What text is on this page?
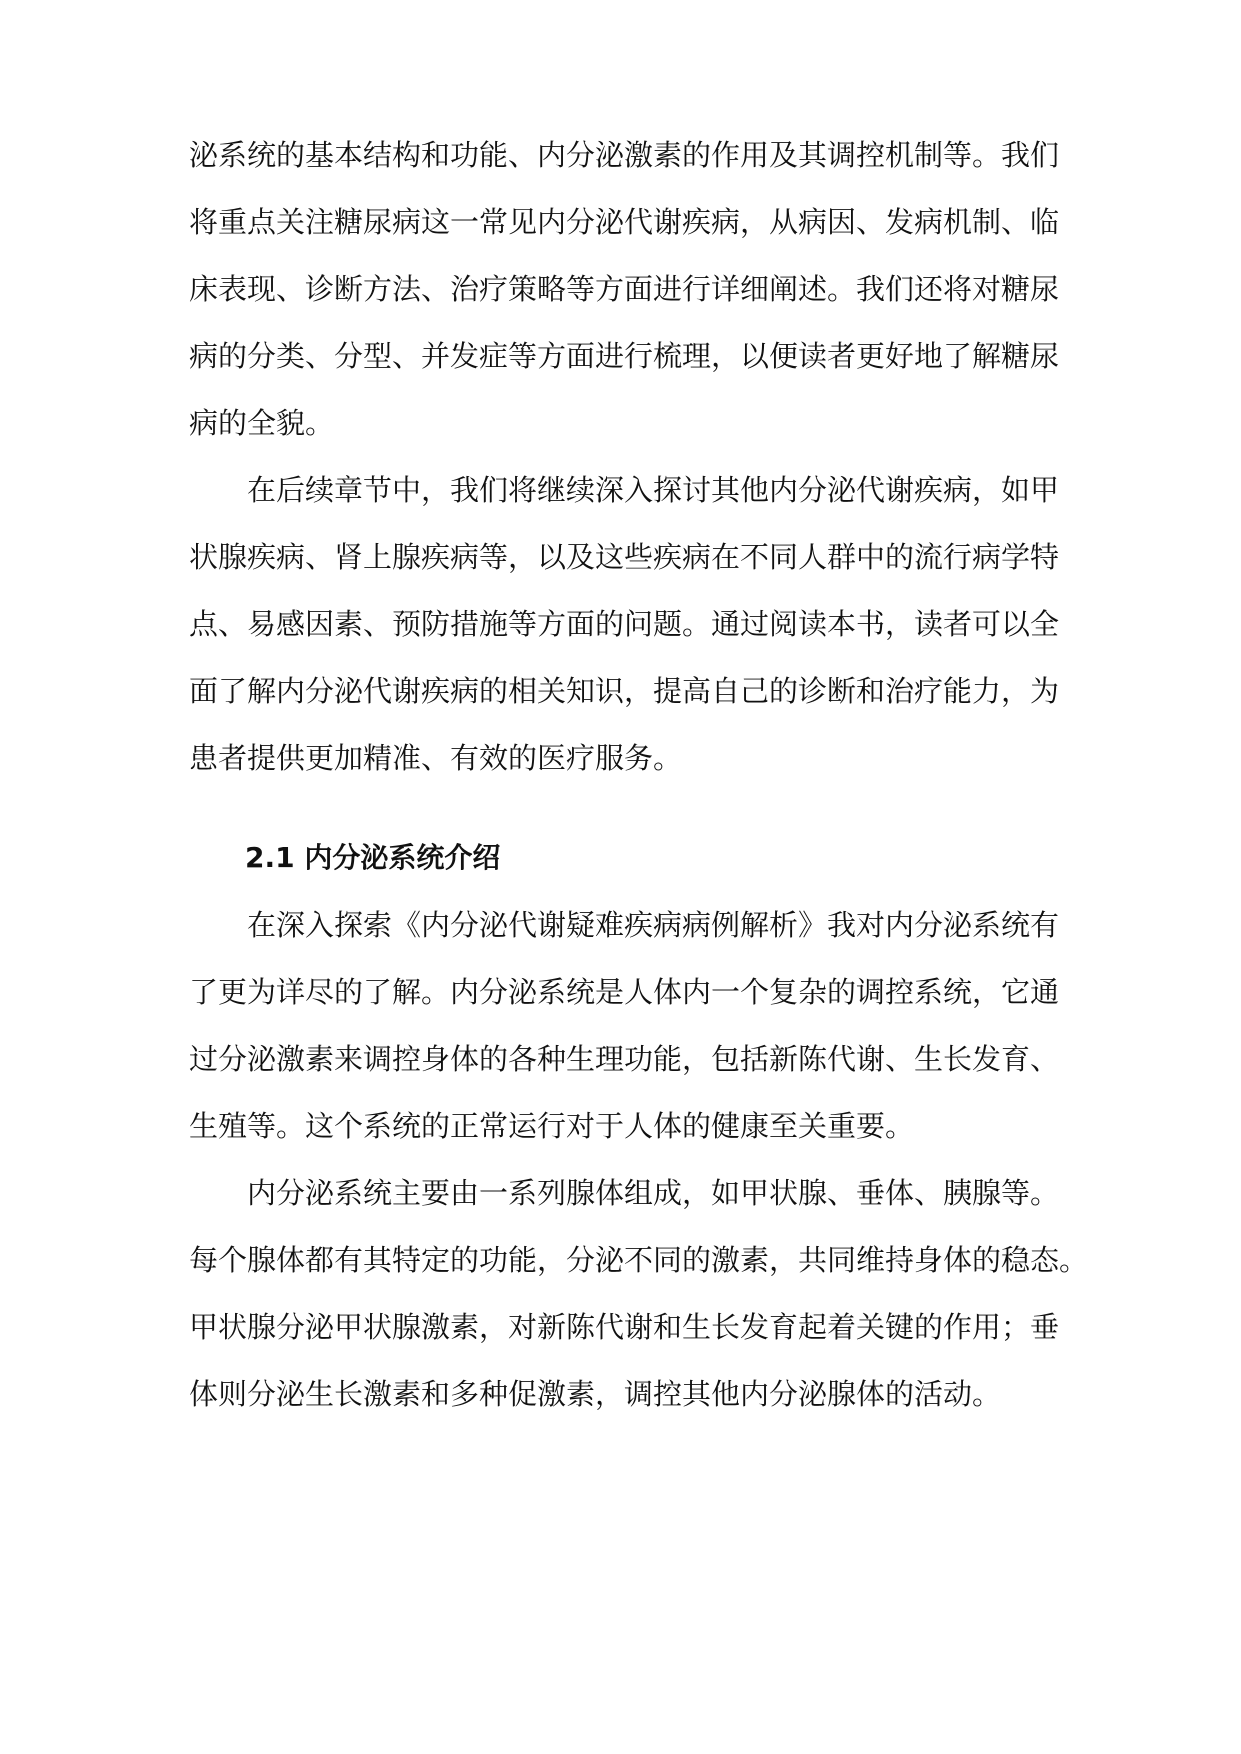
泌系统的基本结构和功能、内分泌激素的作用及其调控机制等。我们
将重点关注糖尿病这一常见内分泌代谢疾病，从病因、发病机制、临
床表现、诊断方法、治疗策略等方面进行详细阐述。我们还将对糖尿
病的分类、分型、并发症等方面进行梳理，以便读者更好地了解糖尿
病的全貌。
在后续章节中，我们将继续深入探讨其他内分泌代谢疾病，如甲
状腺疾病、肾上腺疾病等，以及这些疾病在不同人群中的流行病学特
点、易感因素、预防措施等方面的问题。通过阅读本书，读者可以全
面了解内分泌代谢疾病的相关知识，提高自己的诊断和治疗能力，为
患者提供更加精准、有效的医疗服务。
2.1 内分泌系统介绍
在深入探索《内分泌代谢疑难疾病病例解析》我对内分泌系统有
了更为详尽的了解。内分泌系统是人体内一个复杂的调控系统，它通
过分泌激素来调控身体的各种生理功能，包括新陈代谢、生长发育、
生殖等。这个系统的正常运行对于人体的健康至关重要。
内分泌系统主要由一系列腺体组成，如甲状腺、垂体、胰腺等。
每个腺体都有其特定的功能，分泌不同的激素，共同维持身体的稳态。
甲状腺分泌甲状腺激素，对新陈代谢和生长发育起着关键的作用；垂
体则分泌生长激素和多种促激素，调控其他内分泌腺体的活动。
